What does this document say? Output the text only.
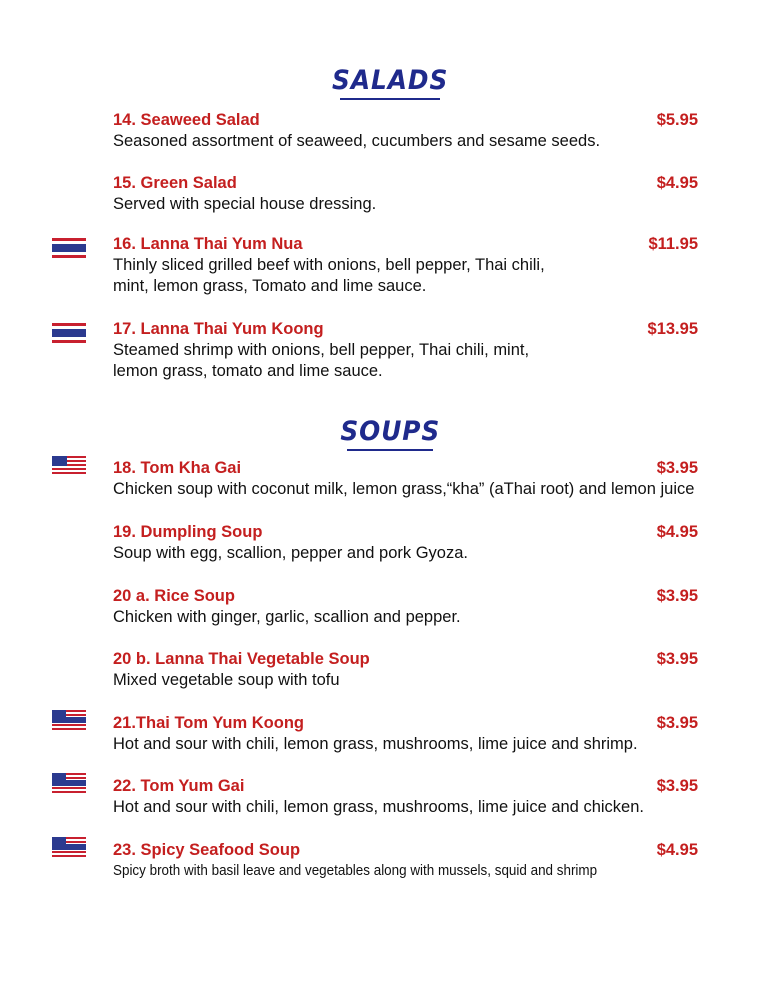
SALADS
14. Seaweed Salad	$5.95
Seasoned assortment of seaweed, cucumbers and sesame seeds.
15. Green Salad	$4.95
Served with special house dressing.
16. Lanna Thai Yum Nua	$11.95
Thinly sliced grilled beef with onions, bell pepper, Thai chili, mint, lemon grass, Tomato and lime sauce.
17. Lanna Thai Yum Koong	$13.95
Steamed shrimp with onions, bell pepper, Thai chili, mint, lemon grass, tomato and lime sauce.
SOUPS
18. Tom Kha Gai	$3.95
Chicken soup with coconut milk, lemon grass,“kha” (aThai root) and lemon juice
19. Dumpling Soup	$4.95
Soup with egg, scallion, pepper and pork Gyoza.
20 a. Rice Soup	$3.95
Chicken with ginger, garlic, scallion and pepper.
20 b. Lanna Thai Vegetable Soup	$3.95
Mixed vegetable soup with tofu
21.Thai Tom Yum Koong	$3.95
Hot and sour with chili, lemon grass, mushrooms, lime juice and shrimp.
22. Tom Yum Gai	$3.95
Hot and sour with chili, lemon grass, mushrooms, lime juice and chicken.
23. Spicy Seafood Soup	$4.95
Spicy broth with basil leave and vegetables along with mussels, squid and shrimp
